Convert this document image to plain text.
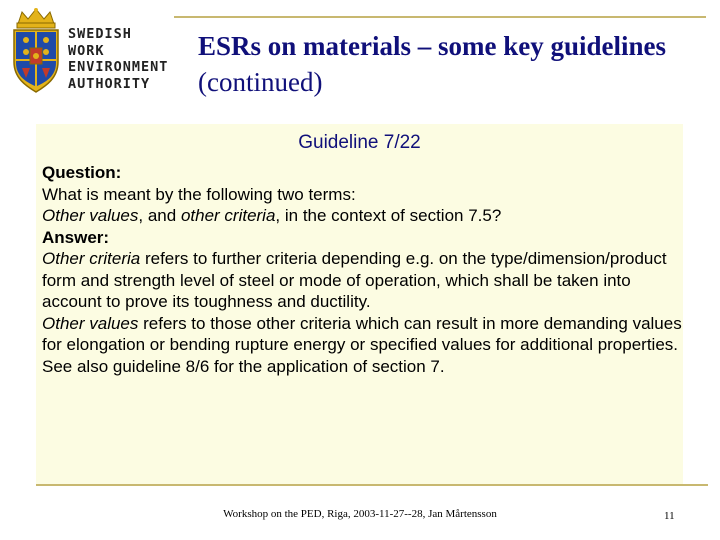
SWEDISH
WORK
ENVIRONMENT
AUTHORITY
ESRs on materials – some key guidelines (continued)
Guideline 7/22

Question:

What is meant by the following two terms:

Other values, and other criteria, in the context of section 7.5?

Answer:

Other criteria refers to further criteria depending e.g. on the type/dimension/product form and strength level of steel or mode of operation, which shall be taken into account to prove its toughness and ductility.

Other values refers to those other criteria which can result in more demanding values for elongation or bending rupture energy or specified values for additional properties.

See also guideline 8/6 for the application of section 7.

Workshop on the PED, Riga, 2003-11-27--28, Jan Mårtensson	11
